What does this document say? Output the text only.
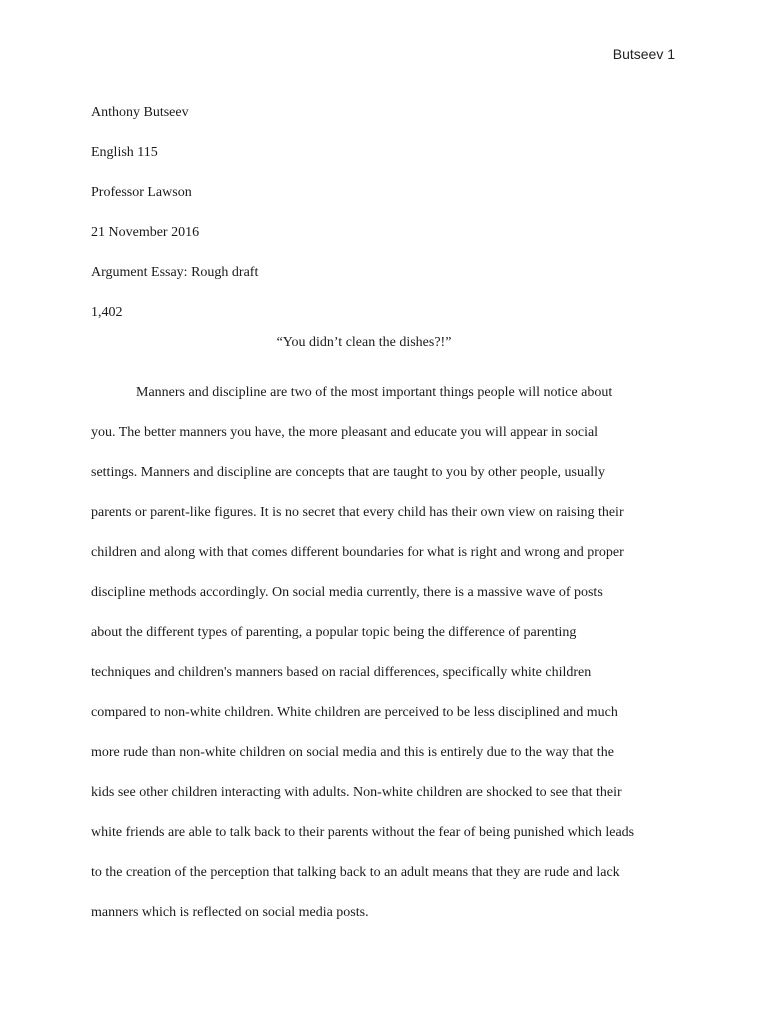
Butseev 1
Anthony Butseev
English 115
Professor Lawson
21 November 2016
Argument Essay: Rough draft
1,402
“You didn’t clean the dishes?!”
Manners and discipline are two of the most important things people will notice about
you. The better manners you have, the more pleasant and educate you will appear in social
settings. Manners and discipline are concepts that are taught to you by other people, usually
parents or parent-like figures. It is no secret that every child has their own view on raising their
children and along with that comes different boundaries for what is right and wrong and proper
discipline methods accordingly. On social media currently, there is a massive wave of posts
about the different types of parenting, a popular topic being the difference of parenting
techniques and children's manners based on racial differences, specifically white children
compared to non-white children. White children are perceived to be less disciplined and much
more rude than non-white children on social media and this is entirely due to the way that the
kids see other children interacting with adults. Non-white children are shocked to see that their
white friends are able to talk back to their parents without the fear of being punished which leads
to the creation of the perception that talking back to an adult means that they are rude and lack
manners which is reflected on social media posts.
